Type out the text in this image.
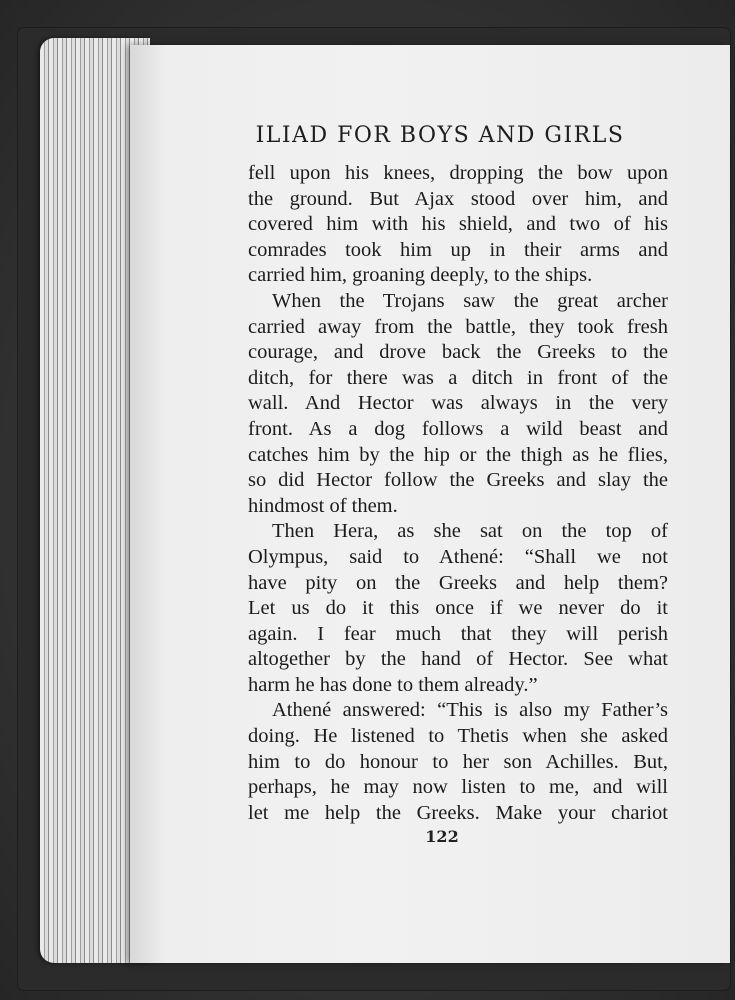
ILIAD FOR BOYS AND GIRLS
fell upon his knees, dropping the bow upon
the ground. But Ajax stood over him, and
covered him with his shield, and two of his
comrades took him up in their arms and
carried him, groaning deeply, to the ships.
When the Trojans saw the great archer
carried away from the battle, they took fresh
courage, and drove back the Greeks to the
ditch, for there was a ditch in front of the
wall. And Hector was always in the very
front. As a dog follows a wild beast and
catches him by the hip or the thigh as he flies,
so did Hector follow the Greeks and slay the
hindmost of them.
Then Hera, as she sat on the top of
Olympus, said to Athené: “Shall we not
have pity on the Greeks and help them?
Let us do it this once if we never do it
again. I fear much that they will perish
altogether by the hand of Hector. See what
harm he has done to them already.”
Athené answered: “This is also my Father’s
doing. He listened to Thetis when she asked
him to do honour to her son Achilles. But,
perhaps, he may now listen to me, and will
let me help the Greeks. Make your chariot
122
